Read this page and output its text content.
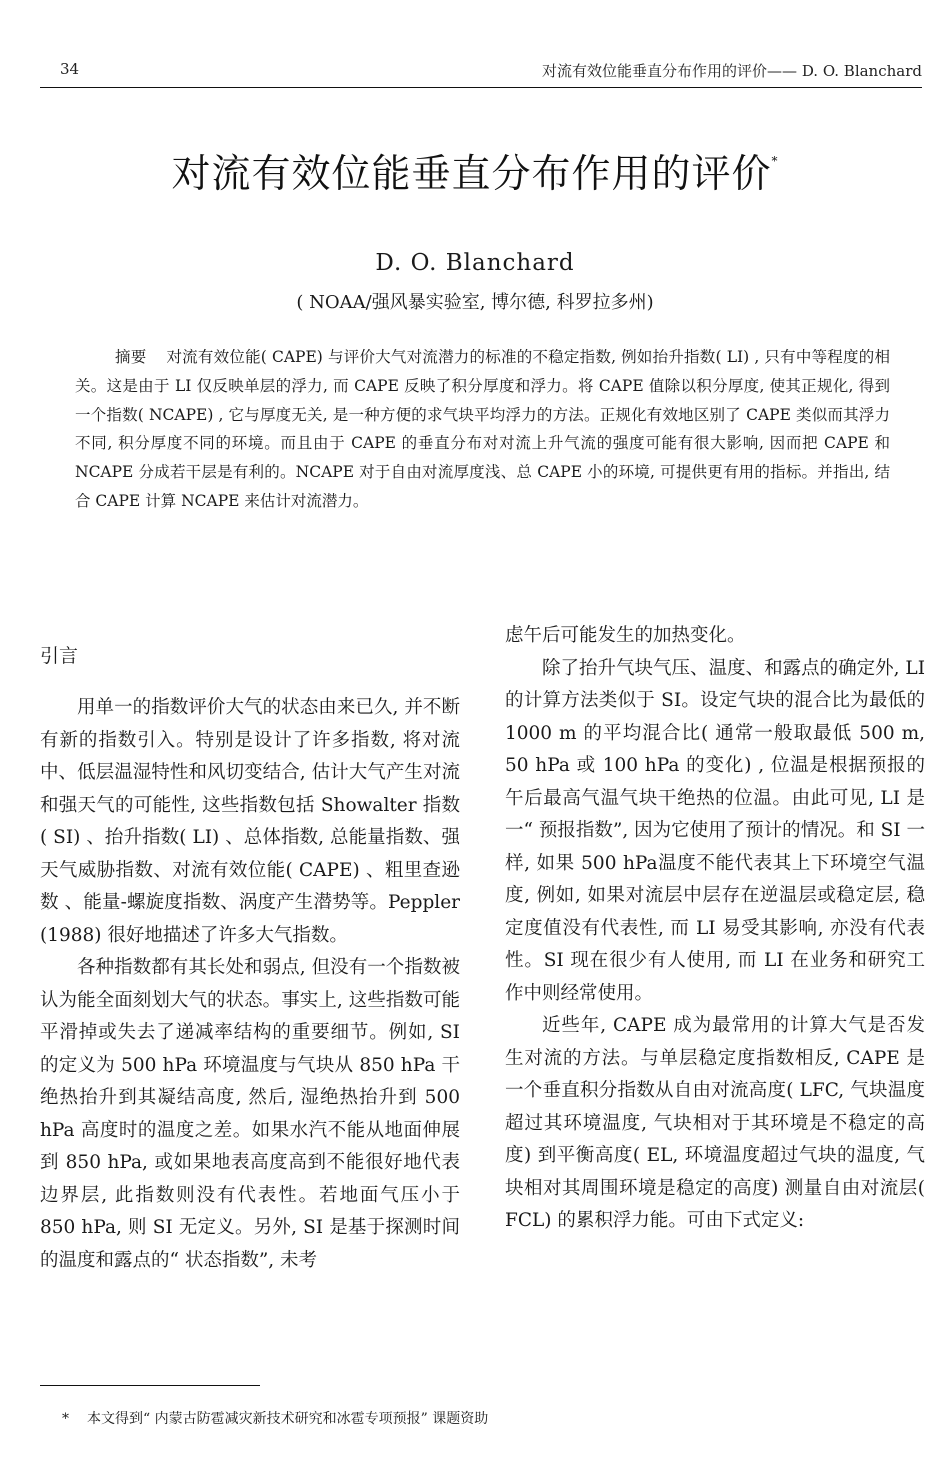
34	对流有效位能垂直分布作用的评价—— D. O. Blanchard
对流有效位能垂直分布作用的评价*
D. O. Blanchard
( NOAA/强风暴实验室, 博尔德, 科罗拉多州)
摘要 对流有效位能( CAPE) 与评价大气对流潜力的标准的不稳定指数, 例如抬升指数( LI) , 只有中等程度的相关。这是由于 LI 仅反映单层的浮力, 而 CAPE 反映了积分厚度和浮力。将 CAPE 值除以积分厚度, 使其正规化, 得到一个指数( NCAPE) , 它与厚度无关, 是一种方便的求气块平均浮力的方法。正规化有效地区别了 CAPE 类似而其浮力不同, 积分厚度不同的环境。而且由于 CAPE 的垂直分布对对流上升气流的强度可能有很大影响, 因而把 CAPE 和 NCAPE 分成若干层是有利的。NCAPE 对于自由对流厚度浅、总 CAPE 小的环境, 可提供更有用的指标。并指出, 结合 CAPE 计算 NCAPE 来估计对流潜力。

引言

用单一的指数评价大气的状态由来已久, 并不断有新的指数引入。特别是设计了许多指数, 将对流中、低层温湿特性和风切变结合, 估计大气产生对流和强天气的可能性, 这些指数包括 Showalter 指数( SI) 、抬升指数( LI) 、总体指数, 总能量指数、强天气威胁指数、对流有效位能( CAPE) 、粗里查逊数 、能量-螺旋度指数、涡度产生潜势等。Peppler (1988) 很好地描述了许多大气指数。

各种指数都有其长处和弱点, 但没有一个指数被认为能全面刻划大气的状态。事实上, 这些指数可能平滑掉或失去了递减率结构的重要细节。例如, SI 的定义为 500 hPa 环境温度与气块从 850 hPa 干绝热抬升到其凝结高度, 然后, 湿绝热抬升到 500 hPa 高度时的温度之差。如果水汽不能从地面伸展到 850 hPa, 或如果地表高度高到不能很好地代表边界层, 此指数则没有代表性。若地面气压小于 850 hPa, 则 SI 无定义。另外, SI 是基于探测时间的温度和露点的“ 状态指数”, 未考

虑午后可能发生的加热变化。

除了抬升气块气压、温度、和露点的确定外, LI 的计算方法类似于 SI。设定气块的混合比为最低的 1000 m 的平均混合比( 通常一般取最低 500 m, 50 hPa 或 100 hPa 的变化) , 位温是根据预报的午后最高气温气块干绝热的位温。由此可见, LI 是一“ 预报指数”, 因为它使用了预计的情况。和 SI 一样, 如果 500 hPa温度不能代表其上下环境空气温度, 例如, 如果对流层中层存在逆温层或稳定层, 稳定度值没有代表性, 而 LI 易受其影响, 亦没有代表性。SI 现在很少有人使用, 而 LI 在业务和研究工作中则经常使用。

近些年, CAPE 成为最常用的计算大气是否发生对流的方法。与单层稳定度指数相反, CAPE 是一个垂直积分指数从自由对流高度( LFC, 气块温度超过其环境温度, 气块相对于其环境是不稳定的高度) 到平衡高度( EL, 环境温度超过气块的温度, 气块相对其周围环境是稳定的高度) 测量自由对流层( FCL) 的累积浮力能。可由下式定义:

* 本文得到“ 内蒙古防雹减灾新技术研究和冰雹专项预报” 课题资助
